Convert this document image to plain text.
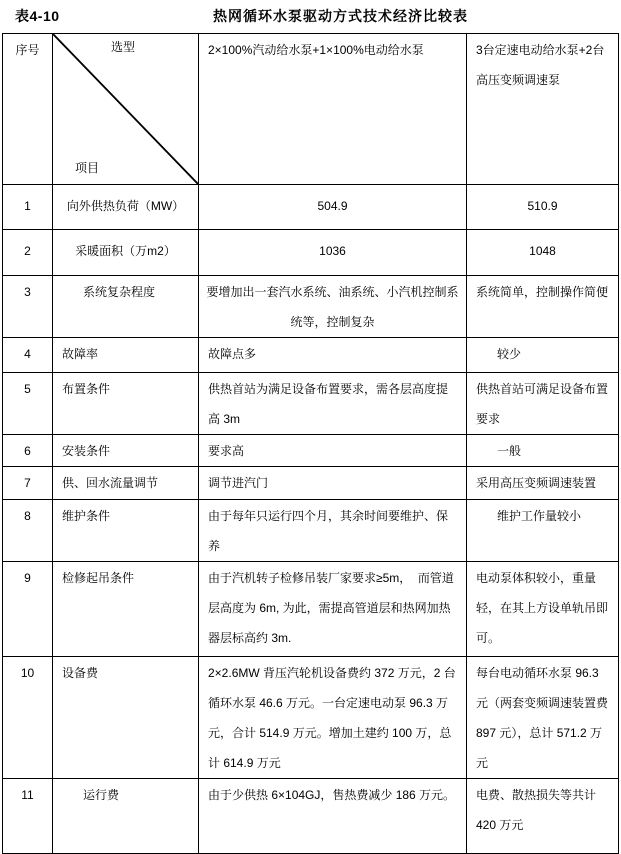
表4-10	热网循环水泵驱动方式技术经济比较表
序号	选型

项目	2×100%汽动给水泵+1×100%电动给水泵	3台定速电动给水泵+2台高压变频调速泵
1	向外供热负荷（MW）	504.9	510.9
2	采暖面积（万m2）	1036	1048
3	系统复杂程度	要增加出一套汽水系统、油系统、小汽机控制系统等，控制复杂	系统简单，控制操作简便
4	故障率	故障点多	较少
5	布置条件	供热首站为满足设备布置要求，需各层高度提高 3m	供热首站可满足设备布置要求
6	安装条件	要求高	一般
7	供、回水流量调节	调节进汽门	采用高压变频调速装置
8	维护条件	由于每年只运行四个月，其余时间要维护、保养	维护工作量较小
9	检修起吊条件	由于汽机转子检修吊装厂家要求≥5m，  而管道层高度为 6m, 为此，需提高管道层和热网加热器层标高约 3m.	电动泵体积较小，重量轻，在其上方设单轨吊即可。
10	设备费	2×2.6MW 背压汽轮机设备费约 372 万元，2 台循环水泵 46.6 万元。一台定速电动泵 96.3 万元，合计 514.9 万元。增加土建约 100 万，总计 614.9 万元	每台电动循环水泵 96.3 元（两套变频调速装置费 897 元），总计 571.2 万元
11	运行费	由于少供热 6×104GJ，售热费减少 186 万元。	电费、散热损失等共计 420 万元
